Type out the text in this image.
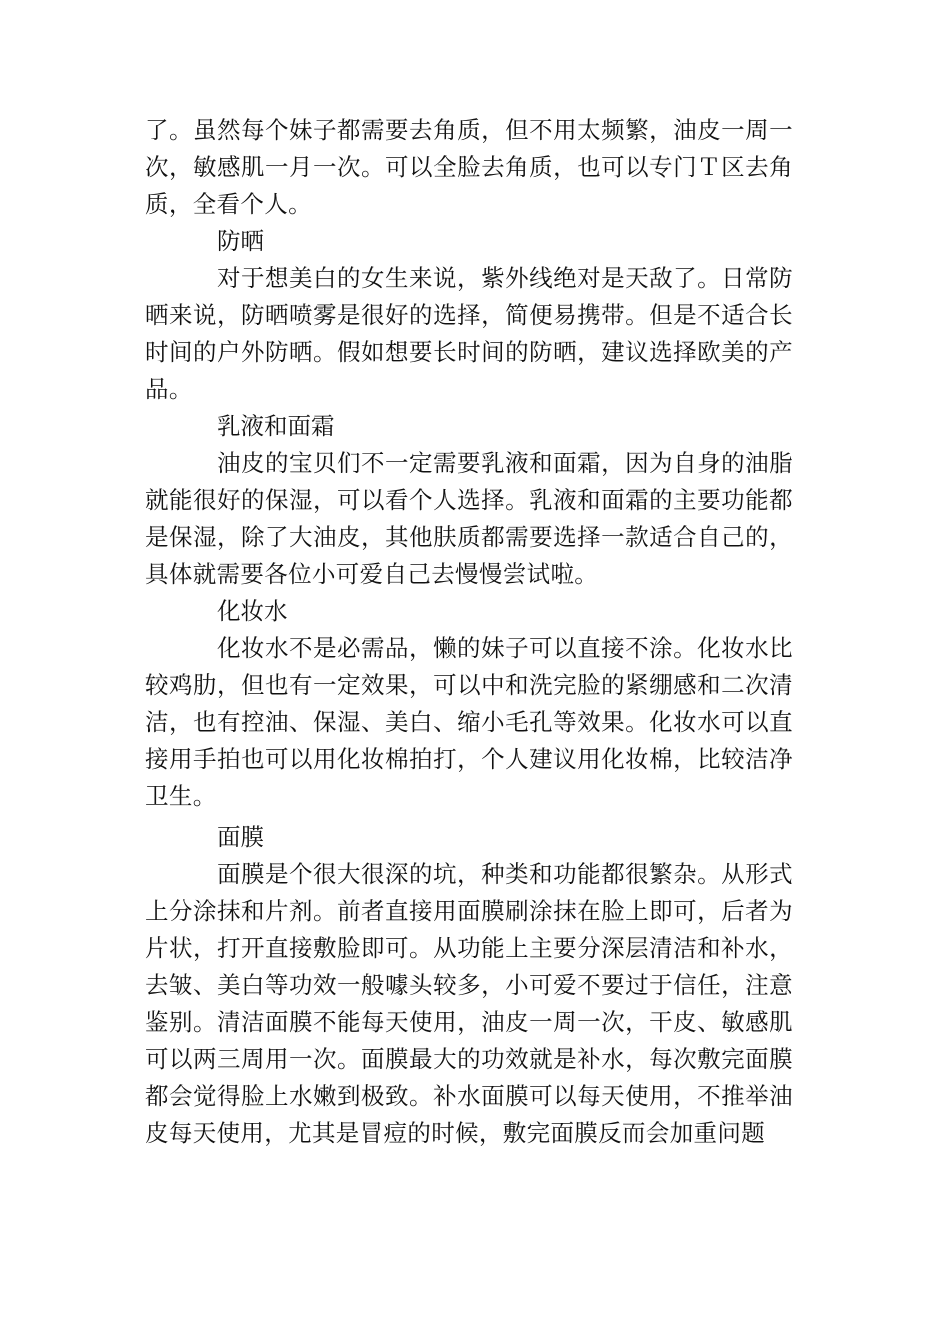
了。虽然每个妹子都需要去角质，但不用太频繁，油皮一周一次，敏感肌一月一次。可以全脸去角质，也可以专门Ｔ区去角质，全看个人。

防晒

对于想美白的女生来说，紫外线绝对是天敌了。日常防晒来说，防晒喷雾是很好的选择，简便易携带。但是不适合长时间的户外防晒。假如想要长时间的防晒，建议选择欧美的产品。

乳液和面霜

油皮的宝贝们不一定需要乳液和面霜，因为自身的油脂就能很好的保湿，可以看个人选择。乳液和面霜的主要功能都是保湿，除了大油皮，其他肤质都需要选择一款适合自己的，具体就需要各位小可爱自己去慢慢尝试啦。

化妆水

化妆水不是必需品，懒的妹子可以直接不涂。化妆水比较鸡肋，但也有一定效果，可以中和洗完脸的紧绷感和二次清洁，也有控油、保湿、美白、缩小毛孔等效果。化妆水可以直接用手拍也可以用化妆棉拍打，个人建议用化妆棉，比较洁净卫生。

面膜

面膜是个很大很深的坑，种类和功能都很繁杂。从形式上分涂抹和片剂。前者直接用面膜刷涂抹在脸上即可，后者为片状，打开直接敷脸即可。从功能上主要分深层清洁和补水，去皱、美白等功效一般噱头较多，小可爱不要过于信任，注意鉴别。清洁面膜不能每天使用，油皮一周一次，干皮、敏感肌可以两三周用一次。面膜最大的功效就是补水，每次敷完面膜都会觉得脸上水嫩到极致。补水面膜可以每天使用，不推举油皮每天使用，尤其是冒痘的时候，敷完面膜反而会加重问题
